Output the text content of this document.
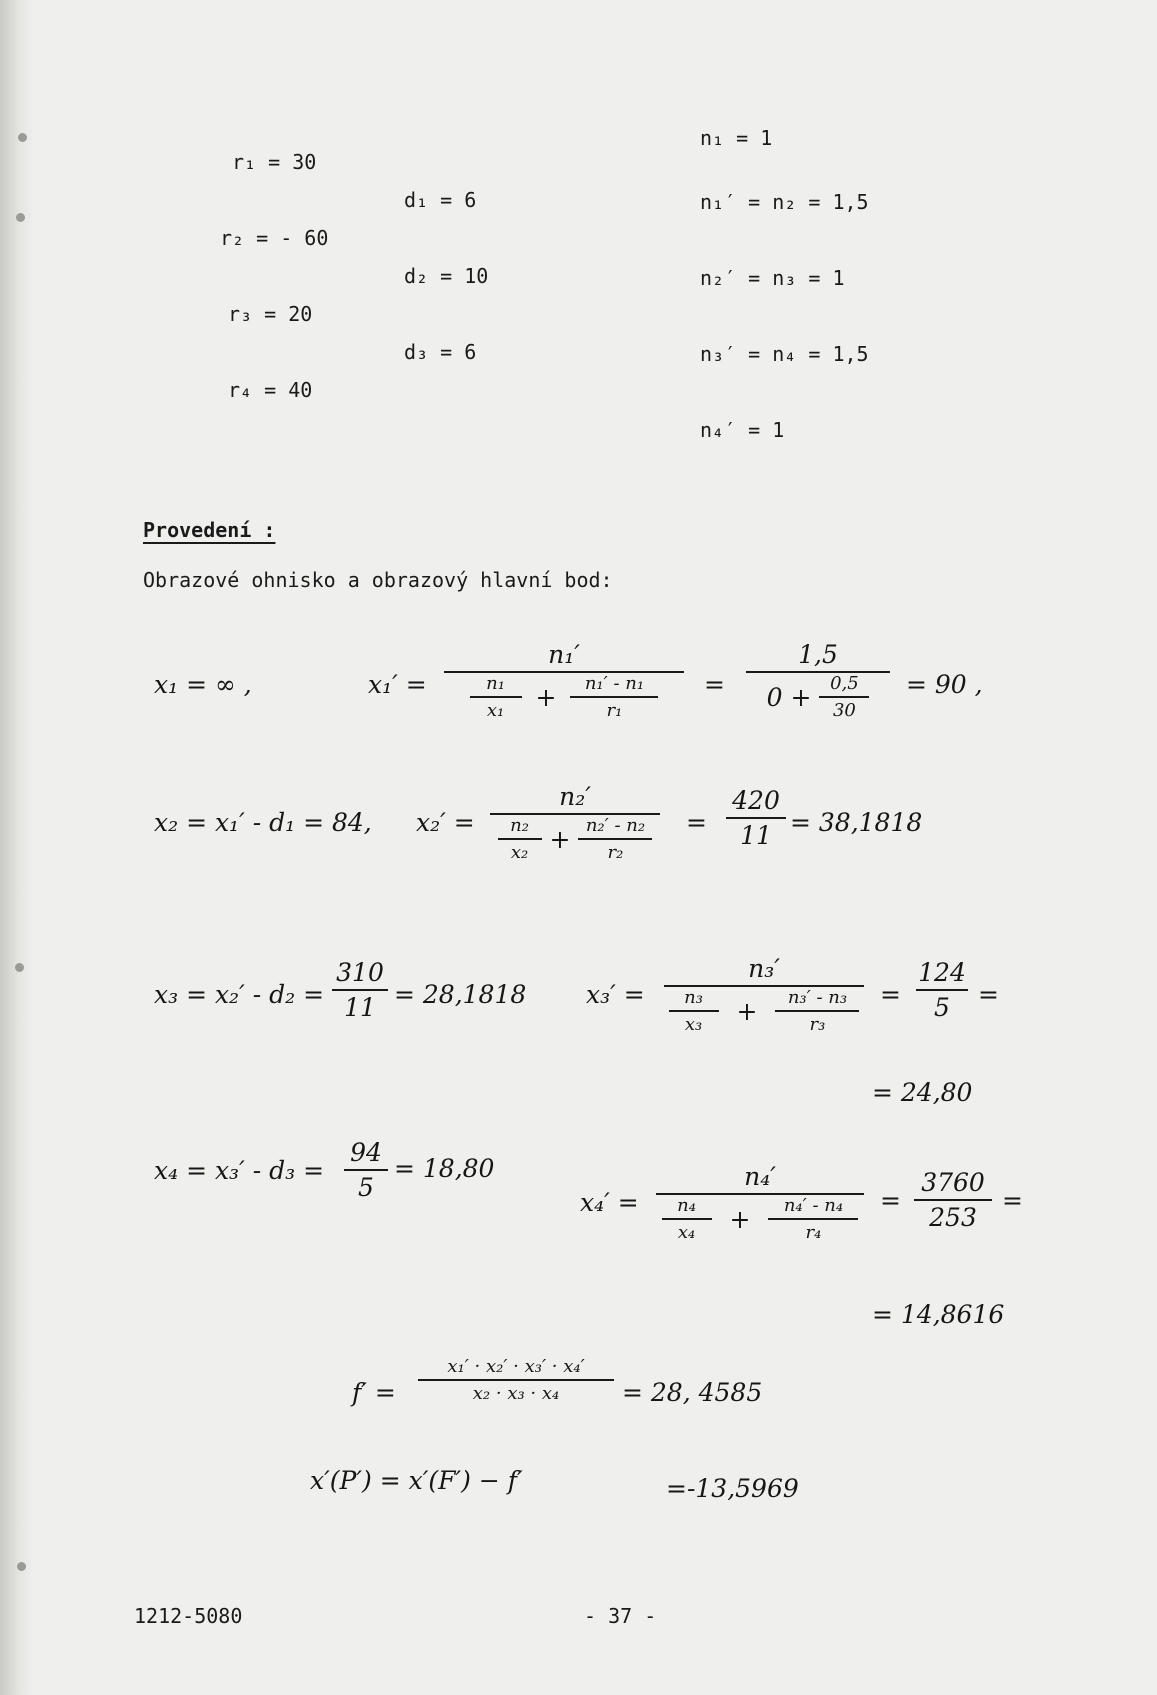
r₁ = 30
r₂ = - 60
r₃ = 20
r₄ = 40
d₁ = 6
d₂ = 10
d₃ = 6
n₁ = 1
n₁′ = n₂ = 1,5
n₂′ = n₃ = 1
n₃′ = n₄ = 1,5
n₄′ = 1
Provedení :
Obrazové ohnisko a obrazový hlavní bod:
x₁ = ∞ ,	x₁′ =
n₁′
$\frac{\text{n₁}}{\text{x₁}} + \frac{\text{n₁′ - n₁}}{\text{r₁}}$ =
1,5
$0 + \frac{0,5}{30} = 90$ ,
x₂ = x₁′ - d₁ = 84, x₂′ =
n₂′
$\frac{\text{n₂}}{\text{x₂}} + \frac{\text{n₂′ - n₂}}{\text{r₂}}$ =
420
11 = 38,1818
x₃ = x₂′ - d₂ =
310
11 = 28,1818 x₃′ =
n₃′
$\frac{\text{n₃}}{\text{x₃}} + \frac{\text{n₃′ - n₃}}{\text{r₃}}$ =
124
5 =
= 24,80
x₄ = x₃′ - d₃ =
94
5
= 18,80
x₄′ =
n₄′
$\frac{\text{n₄}}{\text{x₄}} + \frac{\text{n₄′ - n₄}}{\text{r₄}}$ =
3760
253
=
= 14,8616
f′ =
x₁′ · x₂′ · x₃′ · x₄′
x₂ · x₃ · x₄	= 28, 4585
x′(P′) = x′(F′) − f′	=-13,5969
1212-5080	- 37 -
